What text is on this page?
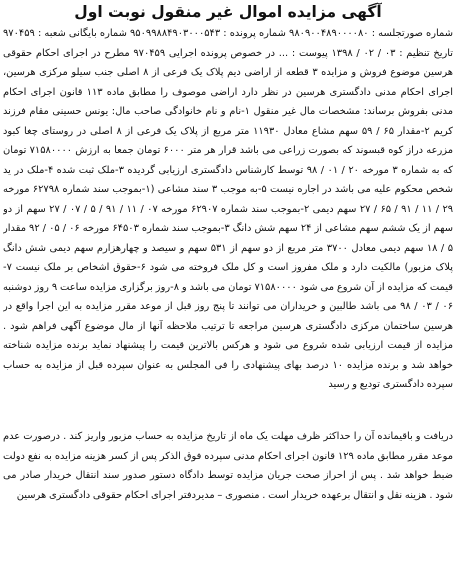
آگهی مزایده اموال غیر منقول نوبت اول

شماره صورتجلسه : ۹۸۰۹۰۰۴۸۹۰۰۰۰۸۰ شماره پرونده : ۹۵۰۹۹۸۸۴۹۰۳۰۰۰۵۴۳ شماره بایگانی شعبه : ۹۷۰۴۵۹ تاریخ تنظیم : ۰۳ / ۰۲ / ۱۳۹۸ پیوست : ... در خصوص پرونده اجرایی ۹۷۰۴۵۹ مطرح در اجرای احکام حقوقی هرسین موضوع فروش و مزایده ۳ قطعه از اراضی دیم پلاک یک فرعی از ۸ اصلی جنب سیلو مرکزی هرسین، اجرای احکام مدنی دادگستری هرسین در نظر دارد اراضی موصوف را مطابق ماده ۱۱۳ قانون اجرای احکام مدنی بفروش برساند: مشخصات مال غیر منقول ۱-نام و نام خانوادگی صاحب مال: یونس حسینی مقام فرزند کریم ۲-مقدار ۶۵ / ۵۹ سهم مشاع معادل ۱۱۹۳۰ متر مربع از پلاک یک فرعی از ۸ اصلی در روستای چغا کبود مزرعه دراز کوه قبسوند که بصورت زراعی می باشد قرار هر متر ۶۰۰۰ تومان جمعا به ارزش ۷۱۵۸۰۰۰۰ تومان که به شماره ۳ مورخه ۲۰ / ۰۱ / ۹۸ توسط کارشناس دادگستری ارزیابی گردیده ۳-ملک ثبت شده ۴-ملک در ید شخص محکوم علیه می باشد در اجاره نیست ۵-به موجب ۳ سند مشاعی (۱-بموجب سند شماره ۶۲۷۹۸ مورخه ۲۹ / ۱۱ / ۹۱ / ۶۵ / ۲۷ سهم دیمی ۲-بموجب سند شماره ۶۲۹۰۷ مورخه ۰۷ / ۱۱ / ۹۱ / ۵ / ۰۷ / ۲۷ سهم از دو سهم از یک ششم سهم مشاعی از ۲۴ سهم شش دانگ ۳-بموجب سند شماره ۶۴۵۰۳ مورخه ۰۶ / ۰۵ / ۹۲ مقدار ۵ / ۱۸ سهم دیمی معادل ۳۷۰۰ متر مربع از دو سهم از ۵۳۱ سهم و سیصد و چهارهزارم سهم دیمی شش دانگ پلاک مزبور) مالکیت دارد و ملک مفروز است و کل ملک فروخته می شود ۶-حقوق اشخاص بر ملک نیست ۷-قیمت که مزایده از آن شروع می شود ۷۱۵۸۰۰۰۰ تومان می باشد و ۸-روز برگزاری مزایده ساعت ۹ روز دوشنبه ۰۶ / ۰۳ / ۹۸ می باشد طالبین و خریداران می توانند تا پنج روز قبل از موعد مقرر مزایده به این اجرا واقع در هرسین ساختمان مرکزی دادگستری هرسین مراجعه تا ترتیب ملاحظه آنها از مال موضوع آگهی فراهم شود . مزایده از قیمت ارزیابی شده شروع می شود و هرکس بالاترین قیمت را پیشنهاد نماید برنده مزایده شناخته خواهد شد و برنده مزایده ۱۰ درصد بهای پیشنهادی را فی المجلس به عنوان سپرده قبل از مزایده به حساب سپرده دادگستری تودیع و رسید

دریافت و باقیمانده آن را حداکثر ظرف مهلت یک ماه از تاریخ مزایده به حساب مزبور واریز کند . درصورت عدم موعد مقرر مطابق ماده ۱۲۹ قانون اجرای احکام مدنی سپرده فوق الذکر پس از کسر هزینه مزایده به نفع دولت ضبط خواهد شد . پس از احراز صحت جریان مزایده توسط دادگاه دستور صدور سند انتقال خریدار صادر می شود . هزینه نقل و انتقال برعهده خریدار است . منصوری – مدیردفتر اجرای احکام حقوقی دادگستری هرسین
